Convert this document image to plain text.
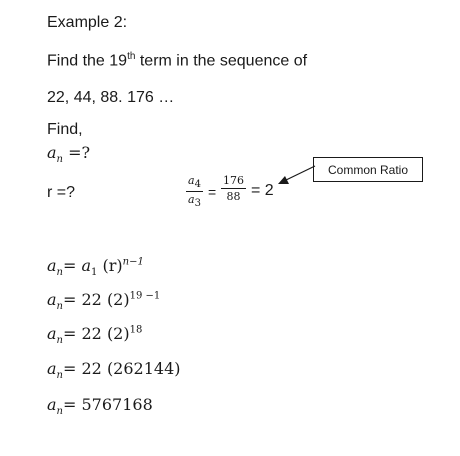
Example 2:
Find the 19th term in the sequence of
22, 44, 88. 176 …
Find,
$a_n$ =?
r =?
$a_4$
$a_3$
=
176
88 = 2
Common Ratio
$a_n= a_1$ $(r)^{n-1}$
$a_n= 22$ $(2)^{19 -1}$
$a_n= 22$ $(2)^{18}$
$a_n= 22$ (262144)
$a_n= 5767168$
